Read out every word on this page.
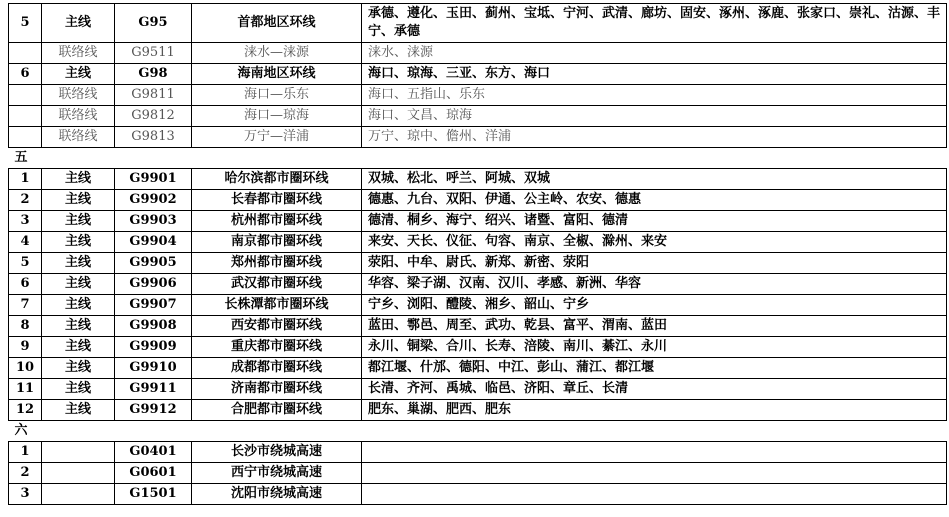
5	主线	G95	首都地区环线	承德、遵化、玉田、蓟州、宝坻、宁河、武清、廊坊、固安、涿州、涿鹿、张家口、崇礼、沽源、丰宁、承德
	联络线	G9511	涞水—涞源	涞水、涞源
6	主线	G98	海南地区环线	海口、琼海、三亚、东方、海口
	联络线	G9811	海口—乐东	海口、五指山、乐东
	联络线	G9812	海口—琼海	海口、文昌、琼海
	联络线	G9813	万宁—洋浦	万宁、琼中、儋州、洋浦
五				
1	主线	G9901	哈尔滨都市圈环线	双城、松北、呼兰、阿城、双城
2	主线	G9902	长春都市圈环线	德惠、九台、双阳、伊通、公主岭、农安、德惠
3	主线	G9903	杭州都市圈环线	德清、桐乡、海宁、绍兴、诸暨、富阳、德清
4	主线	G9904	南京都市圈环线	来安、天长、仪征、句容、南京、全椒、滁州、来安
5	主线	G9905	郑州都市圈环线	荥阳、中牟、尉氏、新郑、新密、荥阳
6	主线	G9906	武汉都市圈环线	华容、梁子湖、汉南、汉川、孝感、新洲、华容
7	主线	G9907	长株潭都市圈环线	宁乡、浏阳、醴陵、湘乡、韶山、宁乡
8	主线	G9908	西安都市圈环线	蓝田、鄠邑、周至、武功、乾县、富平、渭南、蓝田
9	主线	G9909	重庆都市圈环线	永川、铜梁、合川、长寿、涪陵、南川、綦江、永川
10	主线	G9910	成都都市圈环线	都江堰、什邡、德阳、中江、彭山、蒲江、都江堰
11	主线	G9911	济南都市圈环线	长清、齐河、禹城、临邑、济阳、章丘、长清
12	主线	G9912	合肥都市圈环线	肥东、巢湖、肥西、肥东
六				
1		G0401	长沙市绕城高速	
2		G0601	西宁市绕城高速	
3		G1501	沈阳市绕城高速	
